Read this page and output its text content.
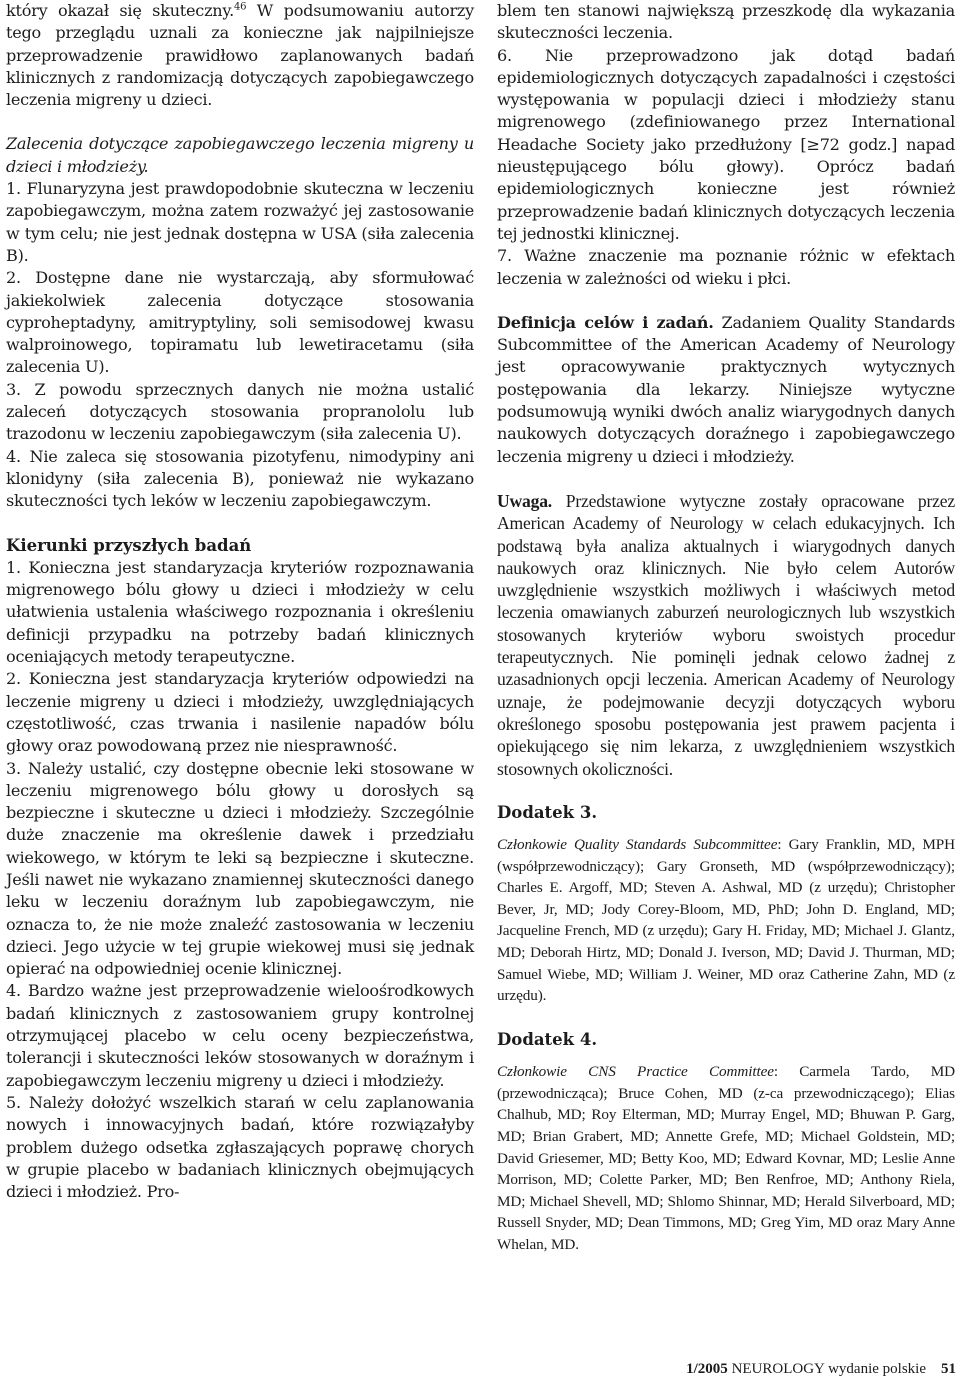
który okazał się skuteczny.$^{46}$ W podsumowaniu autorzy tego przeglądu uznali za konieczne jak najpilniejsze przeprowadzenie prawidłowo zaplanowanych badań klinicznych z randomizacją dotyczących zapobiegawczego leczenia migreny u dzieci.

Zalecenia dotyczące zapobiegawczego leczenia migreny u dzieci i młodzieży.

1. Flunaryzyna jest prawdopodobnie skuteczna w leczeniu zapobiegawczym, można zatem rozważyć jej zastosowanie w tym celu; nie jest jednak dostępna w USA (siła zalecenia B).

2. Dostępne dane nie wystarczają, aby sformułować jakiekolwiek zalecenia dotyczące stosowania cyproheptadyny, amitryptyliny, soli semisodowej kwasu walproinowego, topiramatu lub lewetiracetamu (siła zalecenia U).

3. Z powodu sprzecznych danych nie można ustalić zaleceń dotyczących stosowania propranololu lub trazodonu w leczeniu zapobiegawczym (siła zalecenia U).

4. Nie zaleca się stosowania pizotyfenu, nimodypiny ani klonidyny (siła zalecenia B), ponieważ nie wykazano skuteczności tych leków w leczeniu zapobiegawczym.

Kierunki przyszłych badań

1. Konieczna jest standaryzacja kryteriów rozpoznawania migrenowego bólu głowy u dzieci i młodzieży w celu ułatwienia ustalenia właściwego rozpoznania i określeniu definicji przypadku na potrzeby badań klinicznych oceniających metody terapeutyczne.

2. Konieczna jest standaryzacja kryteriów odpowiedzi na leczenie migreny u dzieci i młodzieży, uwzględniających częstotliwość, czas trwania i nasilenie napadów bólu głowy oraz powodowaną przez nie niesprawność.

3. Należy ustalić, czy dostępne obecnie leki stosowane w leczeniu migrenowego bólu głowy u dorosłych są bezpieczne i skuteczne u dzieci i młodzieży. Szczególnie duże znaczenie ma określenie dawek i przedziału wiekowego, w którym te leki są bezpieczne i skuteczne. Jeśli nawet nie wykazano znamiennej skuteczności danego leku w leczeniu doraźnym lub zapobiegawczym, nie oznacza to, że nie może znaleźć zastosowania w leczeniu dzieci. Jego użycie w tej grupie wiekowej musi się jednak opierać na odpowiedniej ocenie klinicznej.

4. Bardzo ważne jest przeprowadzenie wieloośrodkowych badań klinicznych z zastosowaniem grupy kontrolnej otrzymującej placebo w celu oceny bezpieczeństwa, tolerancji i skuteczności leków stosowanych w doraźnym i zapobiegawczym leczeniu migreny u dzieci i młodzieży.

5. Należy dołożyć wszelkich starań w celu zaplanowania nowych i innowacyjnych badań, które rozwiązałyby problem dużego odsetka zgłaszających poprawę chorych w grupie placebo w badaniach klinicznych obejmujących dzieci i młodzież. Pro-

blem ten stanowi największą przeszkodę dla wykazania skuteczności leczenia.

6. Nie przeprowadzono jak dotąd badań epidemiologicznych dotyczących zapadalności i częstości występowania w populacji dzieci i młodzieży stanu migrenowego (zdefiniowanego przez International Headache Society jako przedłużony [≥72 godz.] napad nieustępującego bólu głowy). Oprócz badań epidemiologicznych konieczne jest również przeprowadzenie badań klinicznych dotyczących leczenia tej jednostki klinicznej.

7. Ważne znaczenie ma poznanie różnic w efektach leczenia w zależności od wieku i płci.

Definicja celów i zadań. Zadaniem Quality Standards Subcommittee of the American Academy of Neurology jest opracowywanie praktycznych wytycznych postępowania dla lekarzy. Niniejsze wytyczne podsumowują wyniki dwóch analiz wiarygodnych danych naukowych dotyczących doraźnego i zapobiegawczego leczenia migreny u dzieci i młodzieży.

Uwaga. Przedstawione wytyczne zostały opracowane przez American Academy of Neurology w celach edukacyjnych. Ich podstawą była analiza aktualnych i wiarygodnych danych naukowych oraz klinicznych. Nie było celem Autorów uwzględnienie wszystkich możliwych i właściwych metod leczenia omawianych zaburzeń neurologicznych lub wszystkich stosowanych kryteriów wyboru swoistych procedur terapeutycznych. Nie pominęli jednak celowo żadnej z uzasadnionych opcji leczenia. American Academy of Neurology uznaje, że podejmowanie decyzji dotyczących wyboru określonego sposobu postępowania jest prawem pacjenta i opiekującego się nim lekarza, z uwzględnieniem wszystkich stosownych okoliczności.

Dodatek 3.

Członkowie Quality Standards Subcommittee: Gary Franklin, MD, MPH (współprzewodniczący); Gary Gronseth, MD (współprzewodniczący); Charles E. Argoff, MD; Steven A. Ashwal, MD (z urzędu); Christopher Bever, Jr, MD; Jody Corey-Bloom, MD, PhD; John D. England, MD; Jacqueline French, MD (z urzędu); Gary H. Friday, MD; Michael J. Glantz, MD; Deborah Hirtz, MD; Donald J. Iverson, MD; David J. Thurman, MD; Samuel Wiebe, MD; William J. Weiner, MD oraz Catherine Zahn, MD (z urzędu).

Dodatek 4.

Członkowie CNS Practice Committee: Carmela Tardo, MD (przewodnicząca); Bruce Cohen, MD (z-ca przewodniczącego); Elias Chalhub, MD; Roy Elterman, MD; Murray Engel, MD; Bhuwan P. Garg, MD; Brian Grabert, MD; Annette Grefe, MD; Michael Goldstein, MD; David Griesemer, MD; Betty Koo, MD; Edward Kovnar, MD; Leslie Anne Morrison, MD; Colette Parker, MD; Ben Renfroe, MD; Anthony Riela, MD; Michael Shevell, MD; Shlomo Shinnar, MD; Herald Silverboard, MD; Russell Snyder, MD; Dean Timmons, MD; Greg Yim, MD oraz Mary Anne Whelan, MD.

1/2005 NEUROLOGY wydanie polskie 51
